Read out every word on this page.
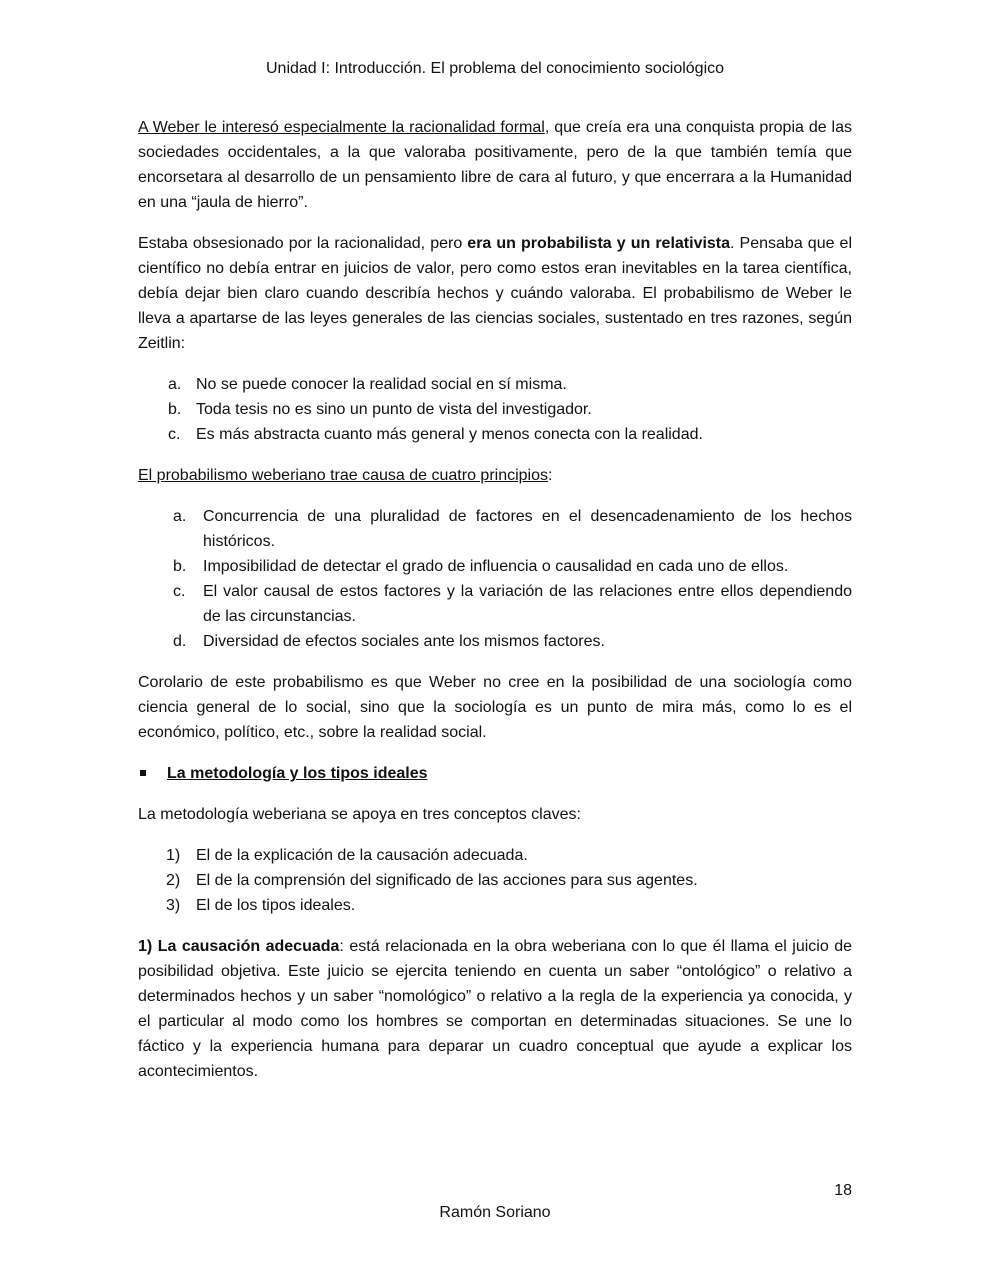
Unidad I: Introducción. El problema del conocimiento sociológico

A Weber le interesó especialmente la racionalidad formal, que creía era una conquista propia de las sociedades occidentales, a la que valoraba positivamente, pero de la que también temía que encorsetara al desarrollo de un pensamiento libre de cara al futuro, y que encerrara a la Humanidad en una “jaula de hierro”.

Estaba obsesionado por la racionalidad, pero era un probabilista y un relativista. Pensaba que el científico no debía entrar en juicios de valor, pero como estos eran inevitables en la tarea científica, debía dejar bien claro cuando describía hechos y cuándo valoraba. El probabilismo de Weber le lleva a apartarse de las leyes generales de las ciencias sociales, sustentado en tres razones, según Zeitlin:

a. No se puede conocer la realidad social en sí misma.
b. Toda tesis no es sino un punto de vista del investigador.
c. Es más abstracta cuanto más general y menos conecta con la realidad.

El probabilismo weberiano trae causa de cuatro principios:

a. Concurrencia de una pluralidad de factores en el desencadenamiento de los hechos históricos.
b. Imposibilidad de detectar el grado de influencia o causalidad en cada uno de ellos.
c. El valor causal de estos factores y la variación de las relaciones entre ellos dependiendo de las circunstancias.
d. Diversidad de efectos sociales ante los mismos factores.

Corolario de este probabilismo es que Weber no cree en la posibilidad de una sociología como ciencia general de lo social, sino que la sociología es un punto de mira más, como lo es el económico, político, etc., sobre la realidad social.

La metodología y los tipos ideales

La metodología weberiana se apoya en tres conceptos claves:

1) El de la explicación de la causación adecuada.
2) El de la comprensión del significado de las acciones para sus agentes.
3) El de los tipos ideales.

1) La causación adecuada: está relacionada en la obra weberiana con lo que él llama el juicio de posibilidad objetiva. Este juicio se ejercita teniendo en cuenta un saber “ontológico” o relativo a determinados hechos y un saber “nomológico” o relativo a la regla de la experiencia ya conocida, y el particular al modo como los hombres se comportan en determinadas situaciones. Se une lo fáctico y la experiencia humana para deparar un cuadro conceptual que ayude a explicar los acontecimientos.

18
Ramón Soriano
